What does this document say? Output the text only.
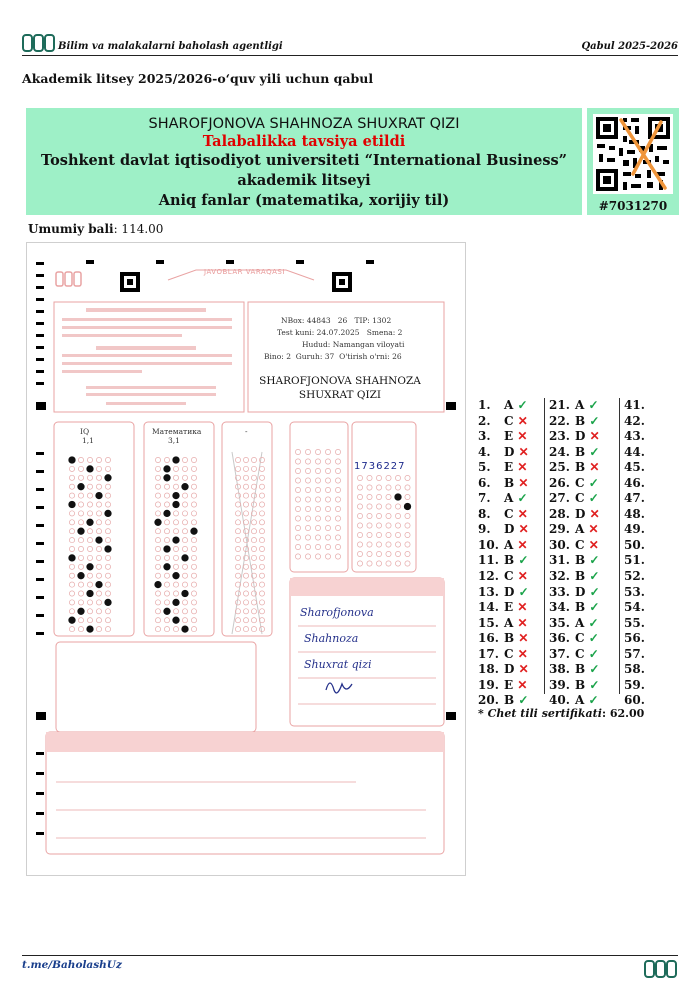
Bilim va malakalarni baholash agentligi	Qabul 2025-2026
Akademik litsey 2025/2026-o‘quv yili uchun qabul
SHAROFJONOVA SHAHNOZA SHUXRAT QIZI
Talabalikka tavsiya etildi
Toshkent davlat iqtisodiyot universiteti “International Business”
akademik litseyi
Aniq fanlar (matematika, xorijiy til)	#7031270
Umumiy bali: 114.00
JAVOBLAR VARAQASI
NBox: 44843 26 TIP: 1302
Test kuni: 24.07.2025 Smena: 2
Hudud: Namangan viloyati
Bino: 2 Guruh: 37 O'tirish o'rni: 26
SHAROFJONOVA SHAHNOZA
SHUXRAT QIZI
IQ
1,1
Математика
3,1
-
1736227
Sharofjonova
Shahnoza
Shuxrat qizi
1. A ✓
2. C ✕
3. E ✕
4. D ✕
5. E ✕
6. B ✕
7. A ✓
8. C ✕
9. D ✕
10. A ✕
11. B ✓
12. C ✕
13. D ✓
14. E ✕
15. A ✕
16. B ✕
17. C ✕
18. D ✕
19. E ✕
20. B ✓
21. A ✓
22. B ✓
23. D ✕
24. B ✓
25. B ✕
26. C ✓
27. C ✓
28. D ✕
29. A ✕
30. C ✕
31. B ✓
32. B ✓
33. D ✓
34. B ✓
35. A ✓
36. C ✓
37. C ✓
38. B ✓
39. B ✓
40. A ✓
41.
42.
43.
44.
45.
46.
47.
48.
49.
50.
51.
52.
53.
54.
55.
56.
57.
58.
59.
60.
* Chet tili sertifikati: 62.00
t.me/BaholashUz
